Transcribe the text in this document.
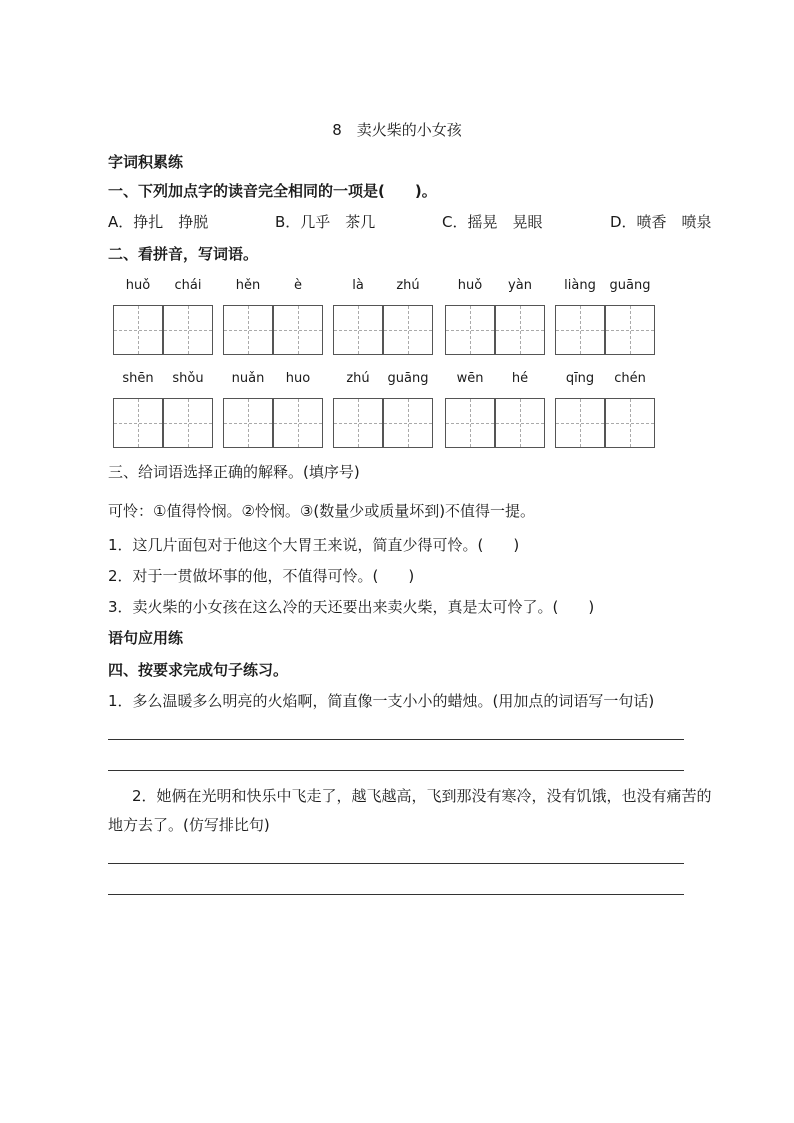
8　卖火柴的小女孩
字词积累练
一、下列加点字的读音完全相同的一项是(　　)。
A．挣扎　挣脱	B．几乎　茶几	C．摇晃　晃眼	D．喷香　喷泉
二、看拼音，写词语。
huǒ	chái	hěn	è	là	zhú	huǒ	yàn	liàng	guāng
shēn	shǒu	nuǎn	huo	zhú	guāng	wēn	hé	qīng	chén
三、给词语选择正确的解释。(填序号)
可怜：①值得怜悯。②怜悯。③(数量少或质量坏到)不值得一提。
1．这几片面包对于他这个大胃王来说，简直少得可怜。(　　)
2．对于一贯做坏事的他，不值得可怜。(　　)
3．卖火柴的小女孩在这么冷的天还要出来卖火柴，真是太可怜了。(　　)
语句应用练
四、按要求完成句子练习。
1．多么温暖多么明亮的火焰啊，简直像一支小小的蜡烛。(用加点的词语写一句话)
2．她俩在光明和快乐中飞走了，越飞越高，飞到那没有寒冷，没有饥饿，也没有痛苦的地方去了。(仿写排比句)
